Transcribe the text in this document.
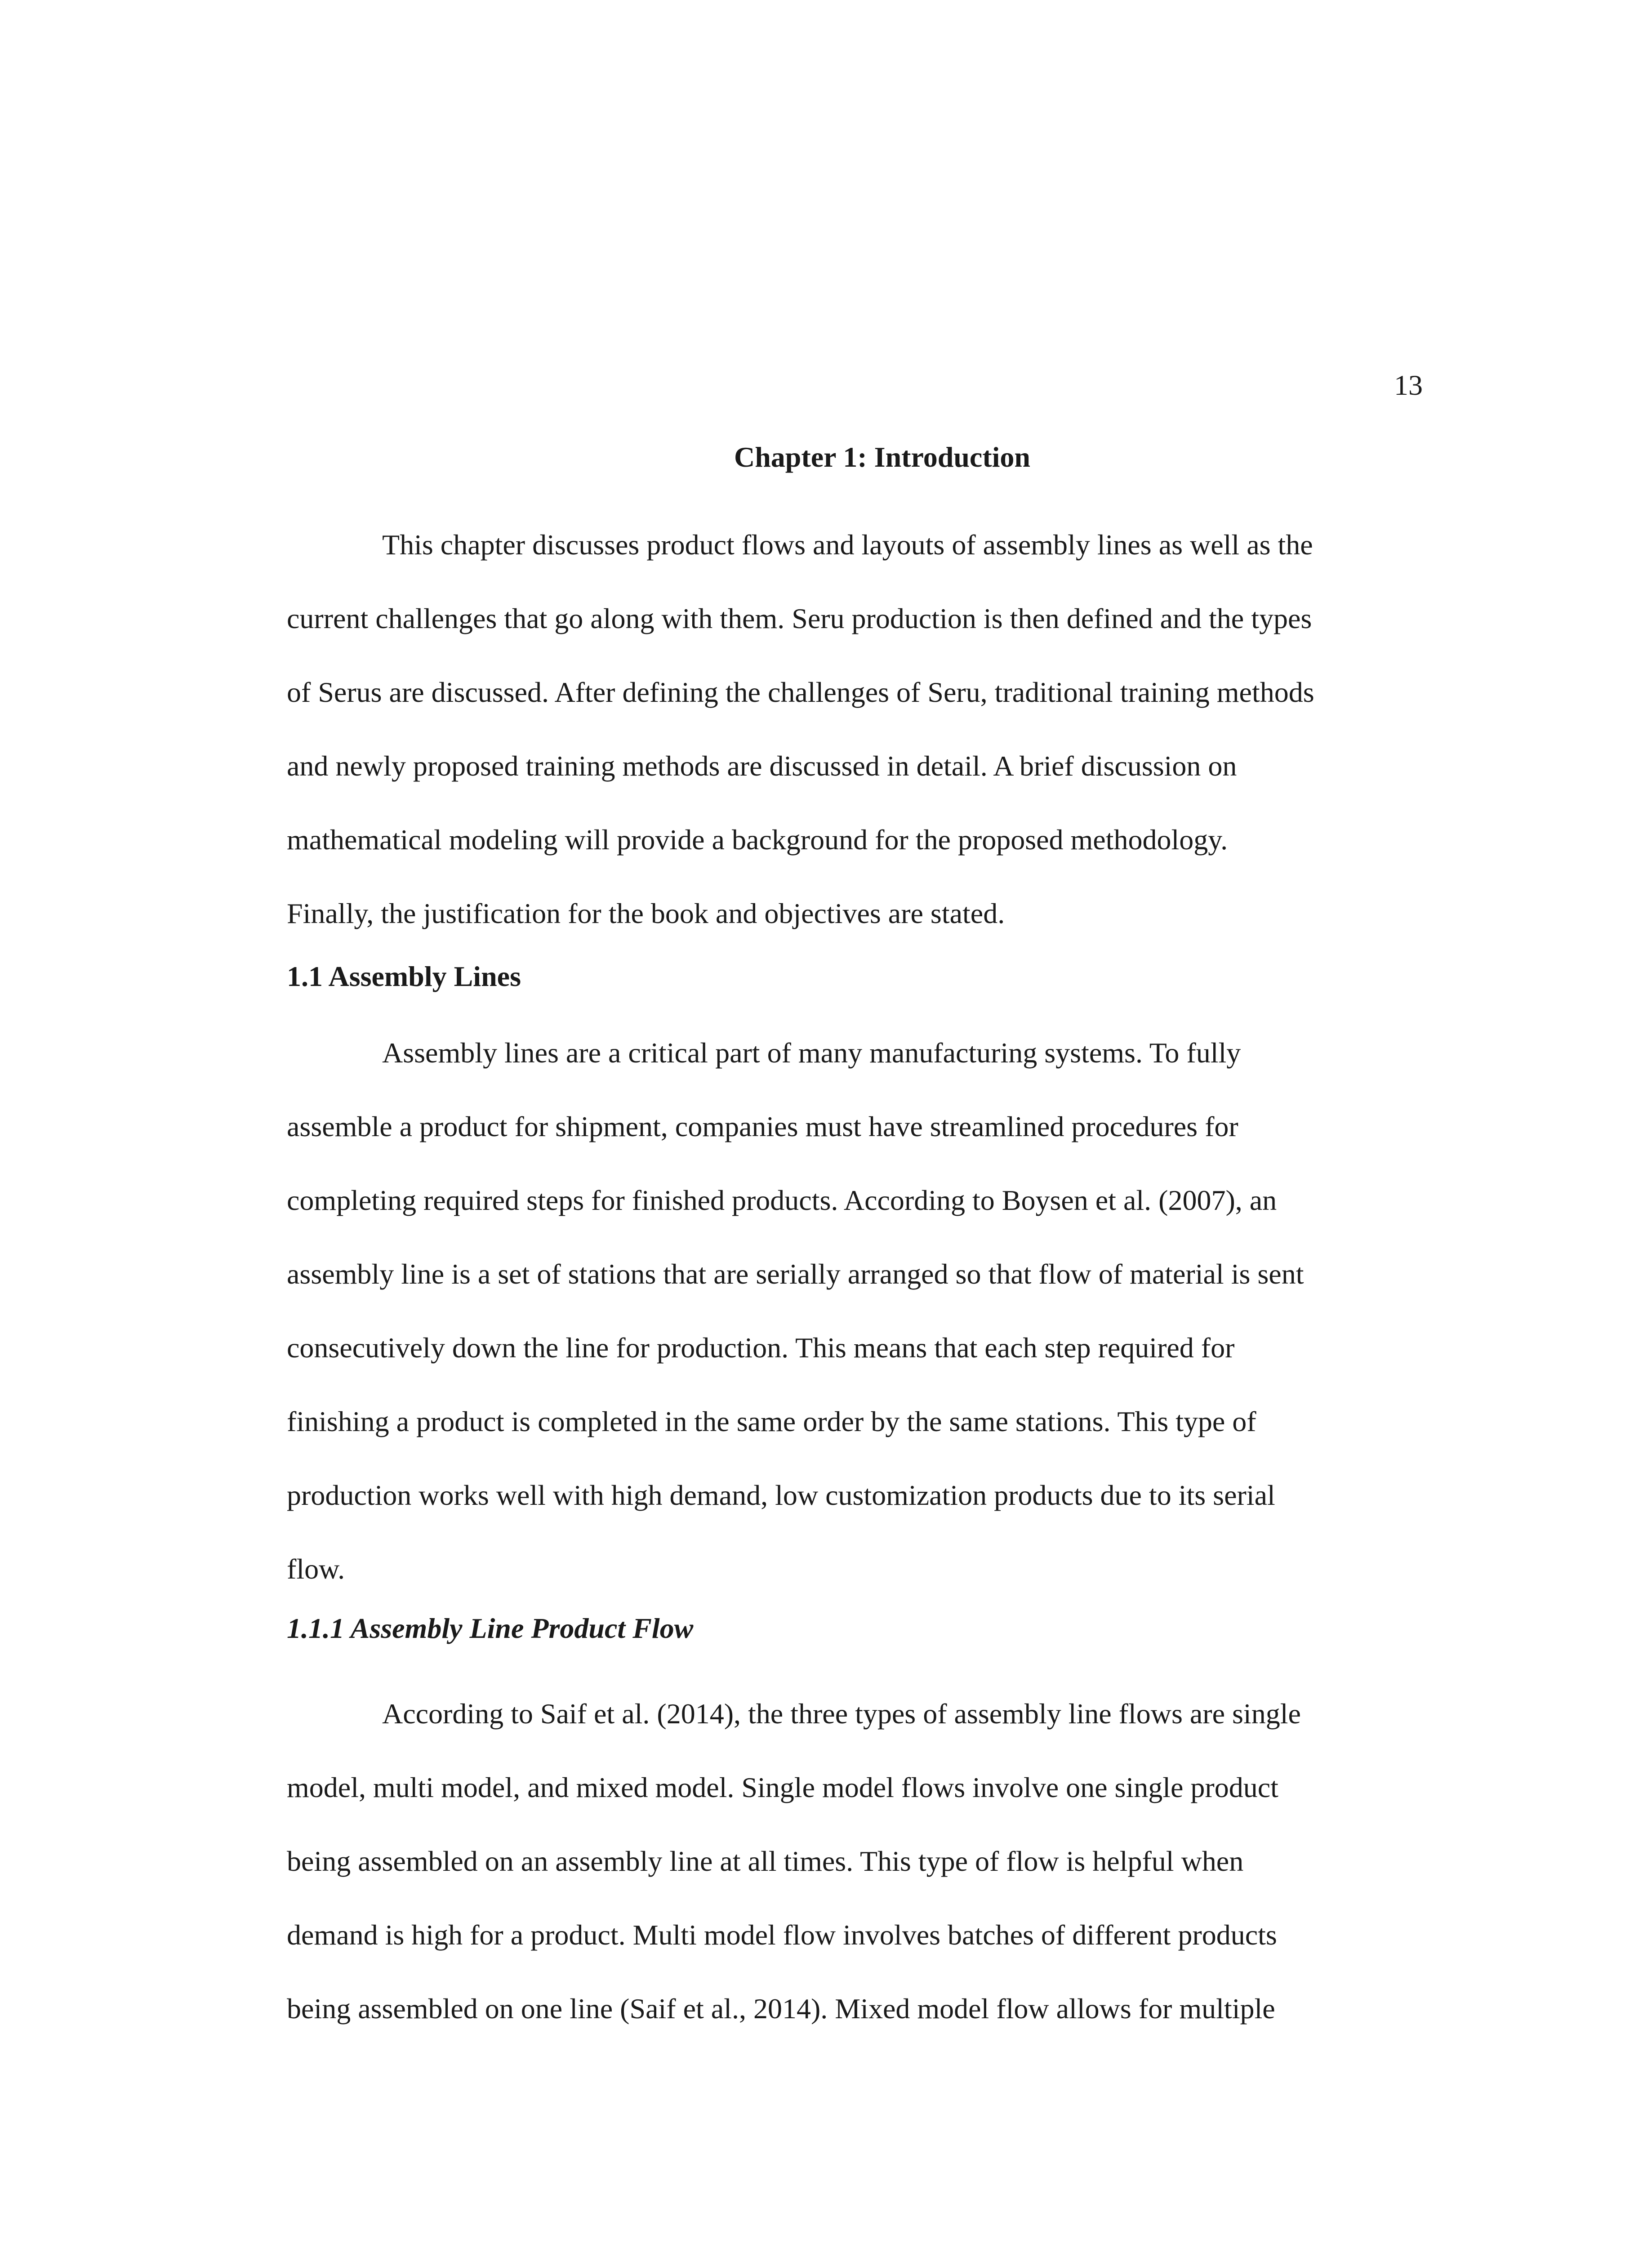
13
Chapter 1: Introduction

This chapter discusses product flows and layouts of assembly lines as well as the
current challenges that go along with them. Seru production is then defined and the types
of Serus are discussed. After defining the challenges of Seru, traditional training methods
and newly proposed training methods are discussed in detail. A brief discussion on
mathematical modeling will provide a background for the proposed methodology.
Finally, the justification for the book and objectives are stated.

1.1 Assembly Lines

Assembly lines are a critical part of many manufacturing systems. To fully
assemble a product for shipment, companies must have streamlined procedures for
completing required steps for finished products. According to Boysen et al. (2007), an
assembly line is a set of stations that are serially arranged so that flow of material is sent
consecutively down the line for production. This means that each step required for
finishing a product is completed in the same order by the same stations. This type of
production works well with high demand, low customization products due to its serial
flow.

1.1.1 Assembly Line Product Flow

According to Saif et al. (2014), the three types of assembly line flows are single
model, multi model, and mixed model. Single model flows involve one single product
being assembled on an assembly line at all times. This type of flow is helpful when
demand is high for a product. Multi model flow involves batches of different products
being assembled on one line (Saif et al., 2014). Mixed model flow allows for multiple
